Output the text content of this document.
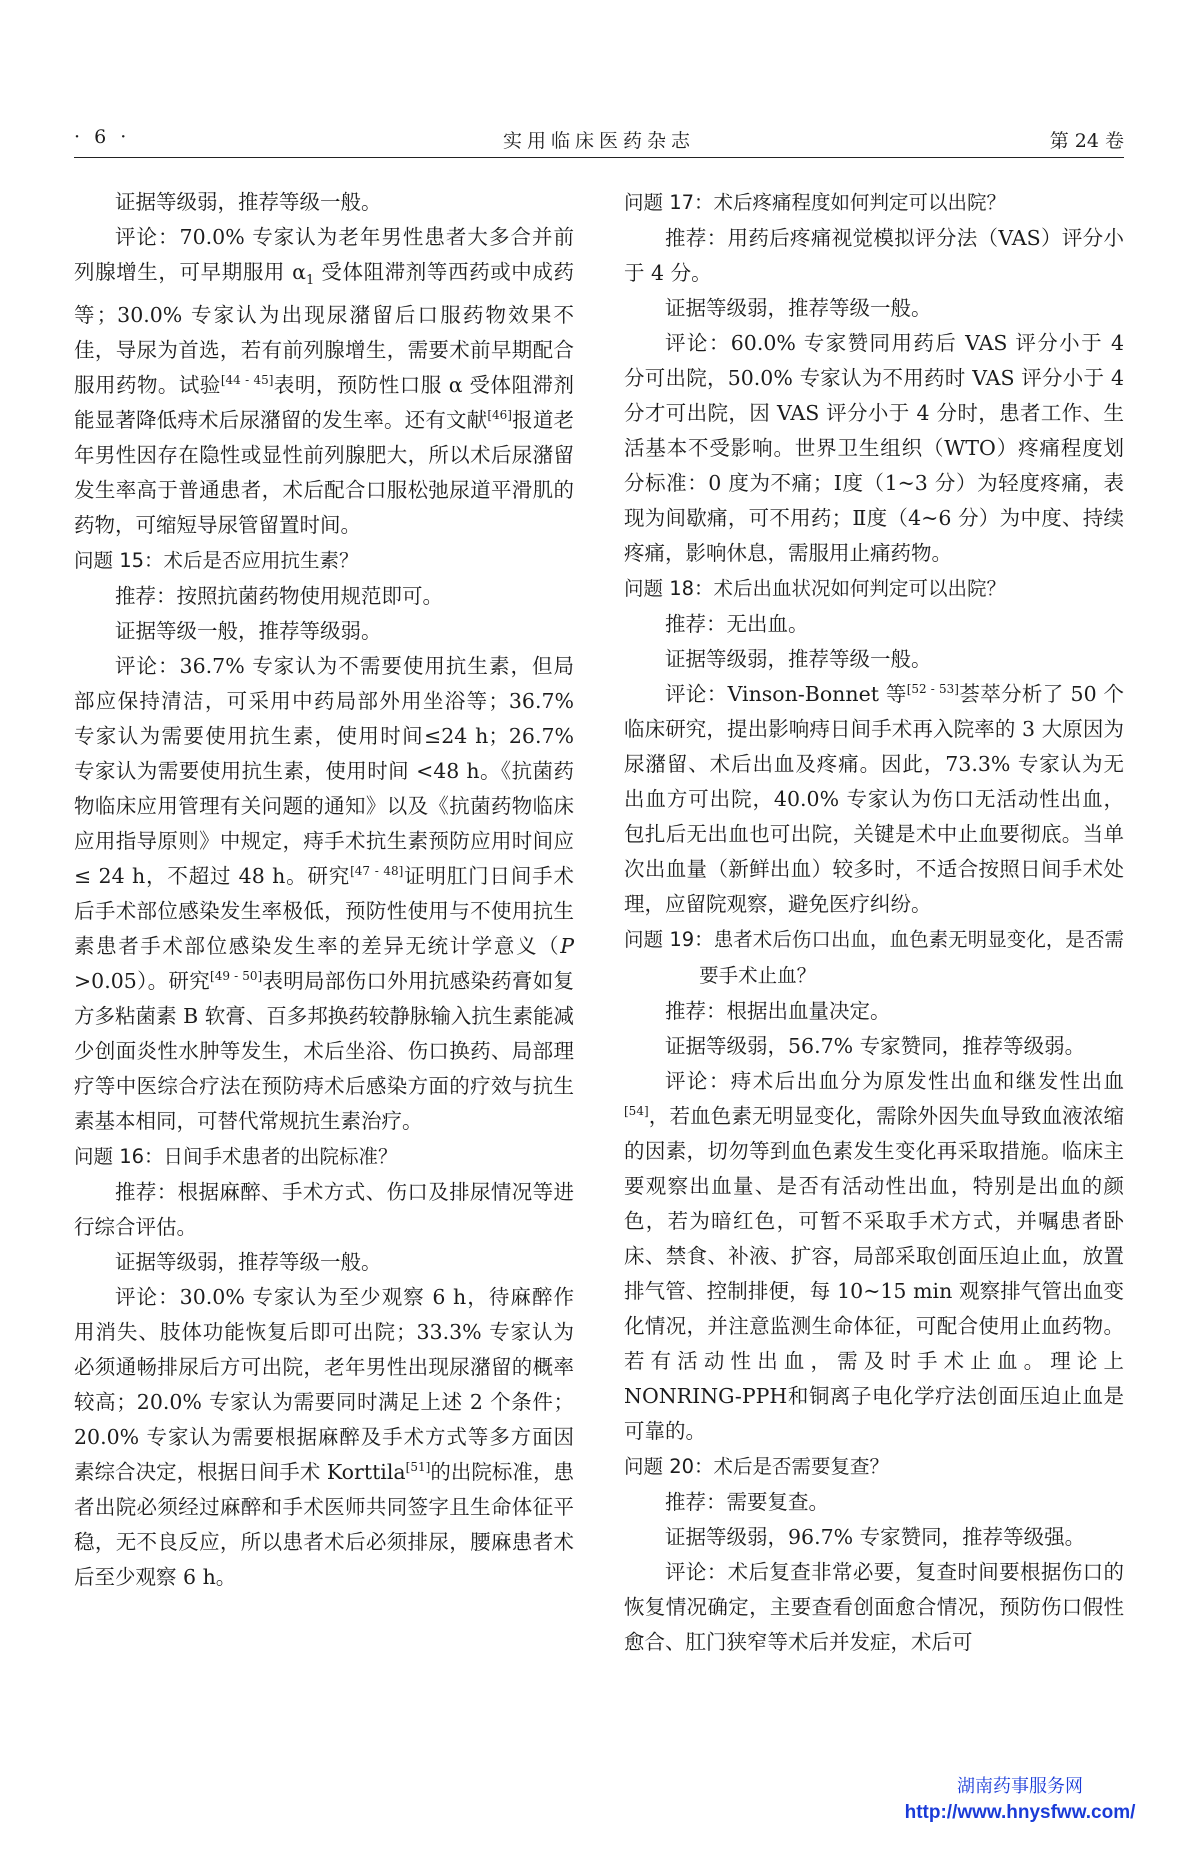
· 6 ·	实用临床医药杂志	第 24 卷

证据等级弱，推荐等级一般。

评论：70.0% 专家认为老年男性患者大多合并前列腺增生，可早期服用 $\alpha_1$ 受体阻滞剂等西药或中成药等；30.0% 专家认为出现尿潴留后口服药物效果不佳，导尿为首选，若有前列腺增生，需要术前早期配合服用药物。试验[44 - 45]表明，预防性口服 α 受体阻滞剂能显著降低痔术后尿潴留的发生率。还有文献[46]报道老年男性因存在隐性或显性前列腺肥大，所以术后尿潴留发生率高于普通患者，术后配合口服松弛尿道平滑肌的药物，可缩短导尿管留置时间。

问题 15：术后是否应用抗生素？

推荐：按照抗菌药物使用规范即可。

证据等级一般，推荐等级弱。

评论：36.7% 专家认为不需要使用抗生素，但局部应保持清洁，可采用中药局部外用坐浴等；36.7% 专家认为需要使用抗生素，使用时间≤24 h；26.7% 专家认为需要使用抗生素，使用时间 <48 h。《抗菌药物临床应用管理有关问题的通知》以及《抗菌药物临床应用指导原则》中规定，痔手术抗生素预防应用时间应 ≤ 24 h，不超过 48 h。研究[47 - 48]证明肛门日间手术后手术部位感染发生率极低，预防性使用与不使用抗生素患者手术部位感染发生率的差异无统计学意义（P >0.05）。研究[49 - 50]表明局部伤口外用抗感染药膏如复方多粘菌素 B 软膏、百多邦换药较静脉输入抗生素能减少创面炎性水肿等发生，术后坐浴、伤口换药、局部理疗等中医综合疗法在预防痔术后感染方面的疗效与抗生素基本相同，可替代常规抗生素治疗。

问题 16：日间手术患者的出院标准？

推荐：根据麻醉、手术方式、伤口及排尿情况等进行综合评估。

证据等级弱，推荐等级一般。

评论：30.0% 专家认为至少观察 6 h，待麻醉作用消失、肢体功能恢复后即可出院；33.3% 专家认为必须通畅排尿后方可出院，老年男性出现尿潴留的概率较高；20.0% 专家认为需要同时满足上述 2 个条件；20.0% 专家认为需要根据麻醉及手术方式等多方面因素综合决定，根据日间手术 Korttila[51]的出院标准，患者出院必须经过麻醉和手术医师共同签字且生命体征平稳，无不良反应，所以患者术后必须排尿，腰麻患者术后至少观察 6 h。

问题 17：术后疼痛程度如何判定可以出院？

推荐：用药后疼痛视觉模拟评分法（VAS）评分小于 4 分。

证据等级弱，推荐等级一般。

评论：60.0% 专家赞同用药后 VAS 评分小于 4 分可出院，50.0% 专家认为不用药时 VAS 评分小于 4 分才可出院，因 VAS 评分小于 4 分时，患者工作、生活基本不受影响。世界卫生组织（WTO）疼痛程度划分标准：0 度为不痛；Ⅰ度（1~3 分）为轻度疼痛，表现为间歇痛，可不用药；Ⅱ度（4~6 分）为中度、持续疼痛，影响休息，需服用止痛药物。

问题 18：术后出血状况如何判定可以出院？

推荐：无出血。

证据等级弱，推荐等级一般。

评论：Vinson-Bonnet 等[52 - 53]荟萃分析了 50 个临床研究，提出影响痔日间手术再入院率的 3 大原因为尿潴留、术后出血及疼痛。因此，73.3% 专家认为无出血方可出院，40.0% 专家认为伤口无活动性出血，包扎后无出血也可出院，关键是术中止血要彻底。当单次出血量（新鲜出血）较多时，不适合按照日间手术处理，应留院观察，避免医疗纠纷。

问题 19：患者术后伤口出血，血色素无明显变化，是否需要手术止血？

推荐：根据出血量决定。

证据等级弱，56.7% 专家赞同，推荐等级弱。

评论：痔术后出血分为原发性出血和继发性出血[54]，若血色素无明显变化，需除外因失血导致血液浓缩的因素，切勿等到血色素发生变化再采取措施。临床主要观察出血量、是否有活动性出血，特别是出血的颜色，若为暗红色，可暂不采取手术方式，并嘱患者卧床、禁食、补液、扩容，局部采取创面压迫止血，放置排气管、控制排便，每 10~15 min 观察排气管出血变化情况，并注意监测生命体征，可配合使用止血药物。若有活动性出血，需及时手术止血。理论上NONRING-PPH和铜离子电化学疗法创面压迫止血是可靠的。

问题 20：术后是否需要复查？

推荐：需要复查。

证据等级弱，96.7% 专家赞同，推荐等级强。

评论：术后复查非常必要，复查时间要根据伤口的恢复情况确定，主要查看创面愈合情况，预防伤口假性愈合、肛门狭窄等术后并发症，术后可

湖南药事服务网
http://www.hnysfww.com/
